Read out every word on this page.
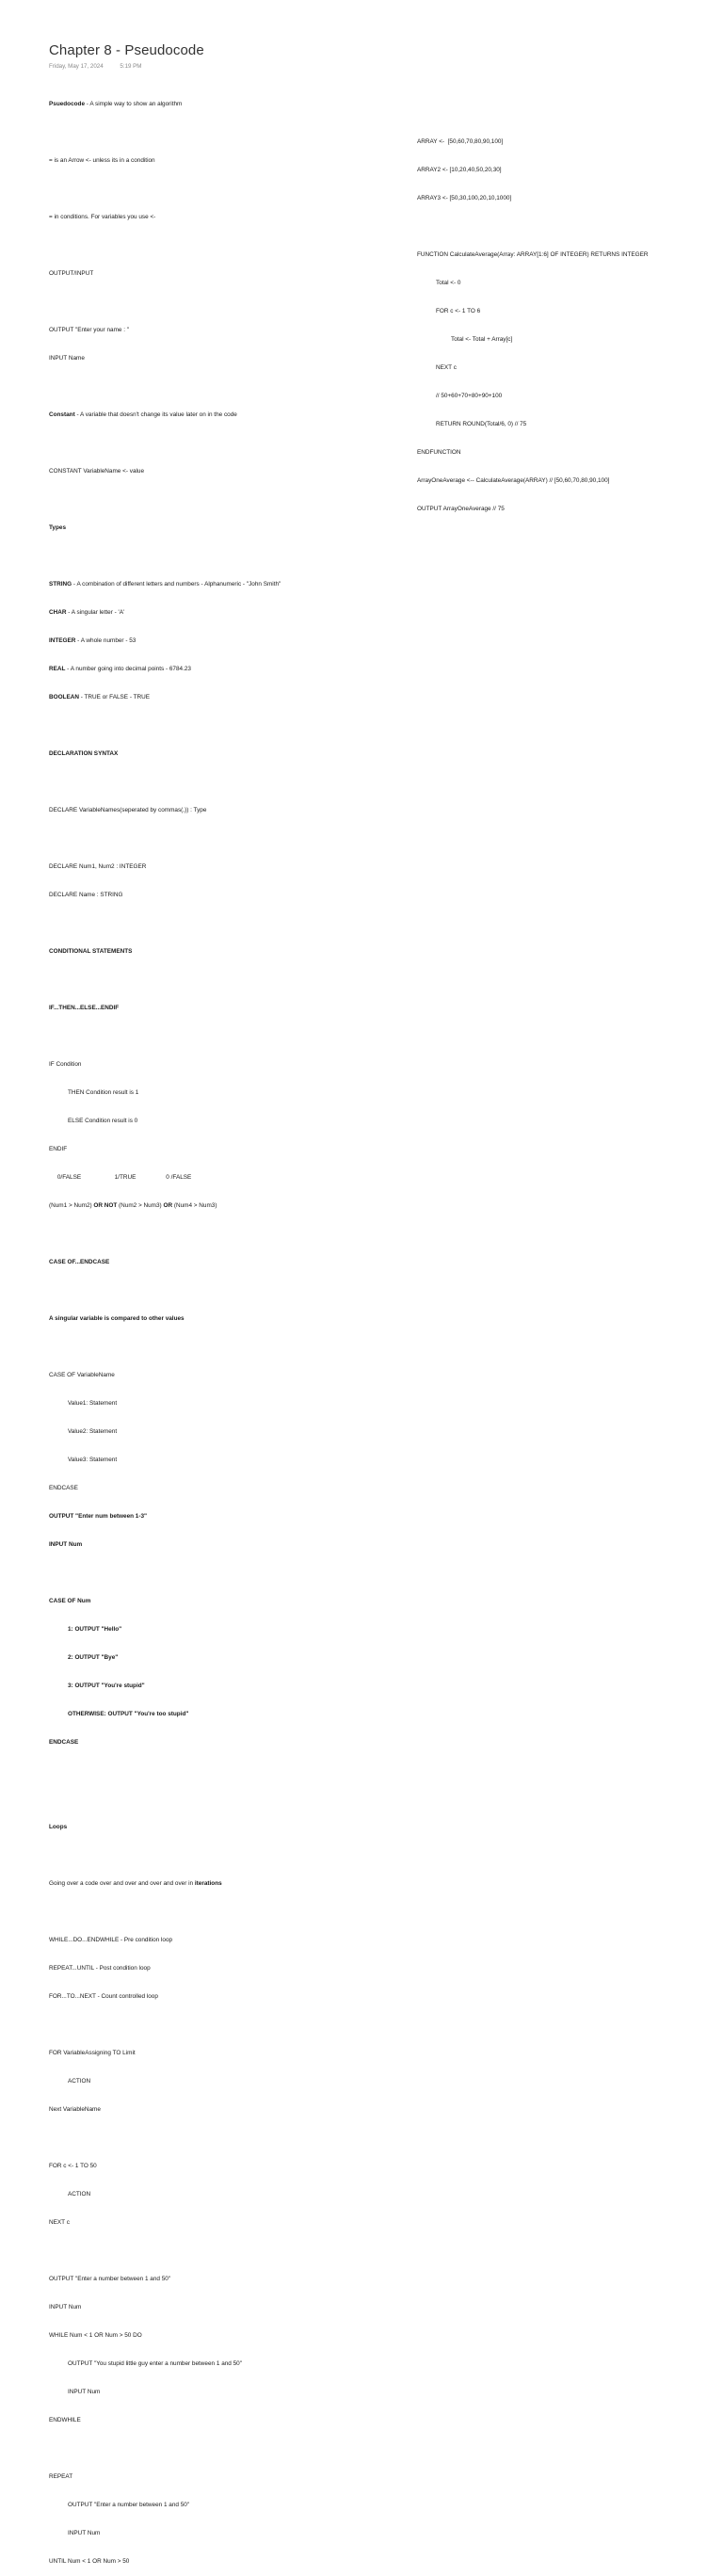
Chapter 8 - Pseudocode
Friday, May 17, 2024	5:19 PM

Psuedocode - A simple way to show an algorithm

= is an Arrow <- unless its in a condition

= in conditions. For variables you use <-

OUTPUT/INPUT

OUTPUT "Enter your name : "

INPUT Name

Constant - A variable that doesn't change its value later on in the code

CONSTANT VariableName <- value

Types

STRING - A combination of different letters and numbers - Alphanumeric - "John Smith"

CHAR - A singular letter - 'A'

INTEGER - A whole number - 53

REAL - A number going into decimal points - 6784.23

BOOLEAN - TRUE or FALSE - TRUE

DECLARATION SYNTAX

DECLARE VariableNames(seperated by commas(,)) : Type

DECLARE Num1, Num2 : INTEGER

DECLARE Name : STRING

CONDITIONAL STATEMENTS

IF...THEN...ELSE...ENDIF

IF Condition

THEN Condition result is 1

ELSE Condition result is 0

ENDIF

0/FALSE                    1/TRUE                  0 /FALSE

(Num1 > Num2) OR NOT (Num2 > Num3) OR (Num4 > Num3)

CASE OF...ENDCASE

A singular variable is compared to other values

CASE OF VariableName

Value1: Statement

Value2: Statement

Value3: Statement

ENDCASE

OUTPUT "Enter num between 1-3"

INPUT Num

CASE OF Num

1: OUTPUT "Hello"

2: OUTPUT "Bye"

3: OUTPUT "You're stupid"

OTHERWISE: OUTPUT "You're too stupid"

ENDCASE

Loops

Going over a code over and over and over and over in iterations

WHILE...DO...ENDWHILE - Pre condition loop

REPEAT...UNTIL - Post condition loop

FOR...TO...NEXT - Count controlled loop

FOR VariableAssigning TO Limit

ACTION

Next VariableName

FOR c <- 1 TO 50

ACTION

NEXT c

OUTPUT "Enter a number between 1 and 50"

INPUT Num

WHILE Num < 1 OR Num > 50 DO

OUTPUT "You stupid little guy enter a number between 1 and 50"

INPUT Num

ENDWHILE

REPEAT

OUTPUT "Enter a number between 1 and 50"

INPUT Num

UNTIL Num < 1 OR Num > 50

ARRAY <-  [50,60,70,80,90,100]

ARRAY2 <- [10,20,40,50,20,30]

ARRAY3 <- [50,30,100,20,10,1000]

FUNCTION CalculateAverage(Array: ARRAY[1:6] OF INTEGER) RETURNS INTEGER

Total <- 0

FOR c <- 1 TO 6

Total <- Total + Array[c]

NEXT c

// 50+60+70+80+90+100

RETURN ROUND(Total/6, 0) // 75

ENDFUNCTION

ArrayOneAverage <-- CalculateAverage(ARRAY) // [50,60,70,80,90,100]

OUTPUT ArrayOneAverage // 75
